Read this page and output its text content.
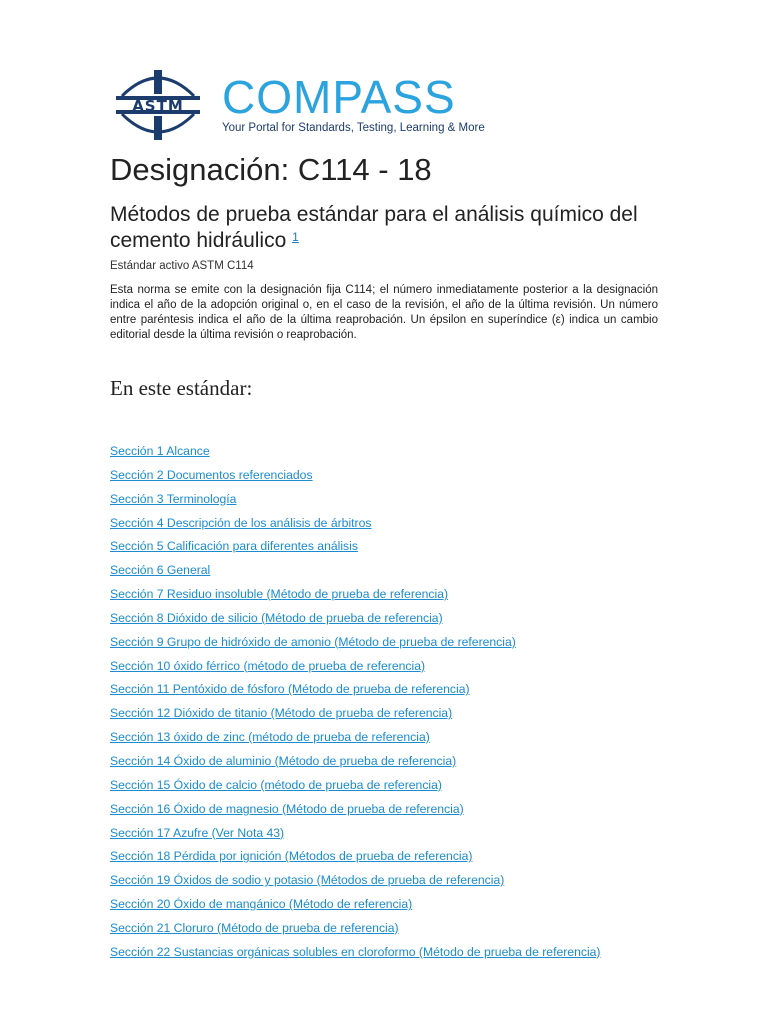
ASTM COMPASS
Your Portal for Standards, Testing, Learning & More
Designación: C114 - 18
Métodos de prueba estándar para el análisis químico del cemento hidráulico $^1$

Estándar activo ASTM C114

Esta norma se emite con la designación fija C114; el número inmediatamente posterior a la designación indica el año de la adopción original o, en el caso de la revisión, el año de la última revisión. Un número entre paréntesis indica el año de la última reaprobación. Un épsilon en superíndice (ε) indica un cambio editorial desde la última revisión o reaprobación.

En este estándar:
Sección 1 Alcance
Sección 2 Documentos referenciados
Sección 3 Terminología
Sección 4 Descripción de los análisis de árbitros
Sección 5 Calificación para diferentes análisis
Sección 6 General
Sección 7 Residuo insoluble (Método de prueba de referencia)
Sección 8 Dióxido de silicio (Método de prueba de referencia)
Sección 9 Grupo de hidróxido de amonio (Método de prueba de referencia)
Sección 10 óxido férrico (método de prueba de referencia)
Sección 11 Pentóxido de fósforo (Método de prueba de referencia)
Sección 12 Dióxido de titanio (Método de prueba de referencia)
Sección 13 óxido de zinc (método de prueba de referencia)
Sección 14 Óxido de aluminio (Método de prueba de referencia)
Sección 15 Óxido de calcio (método de prueba de referencia)
Sección 16 Óxido de magnesio (Método de prueba de referencia)
Sección 17 Azufre (Ver Nota 43)
Sección 18 Pérdida por ignición (Métodos de prueba de referencia)
Sección 19 Óxidos de sodio y potasio (Métodos de prueba de referencia)
Sección 20 Óxido de mangánico (Método de referencia)
Sección 21 Cloruro (Método de prueba de referencia)
Sección 22 Sustancias orgánicas solubles en cloroformo (Método de prueba de referencia)
